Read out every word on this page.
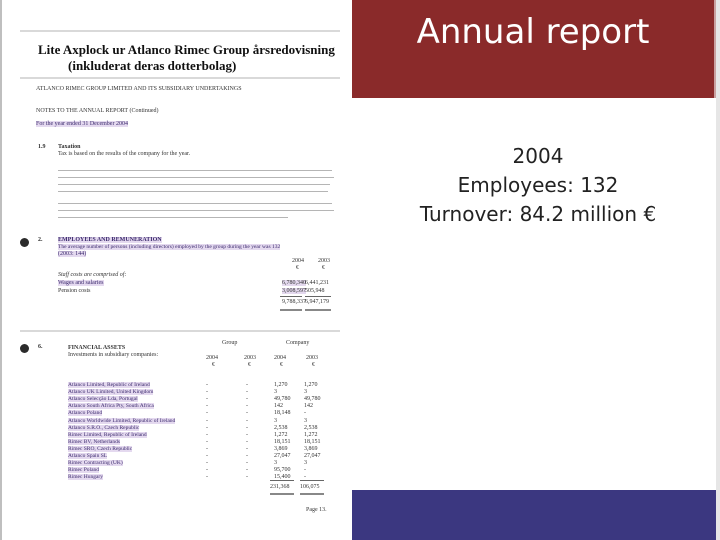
Lite Axplock ur Atlanco Rimec Group årsredovisning
(inkluderat deras dotterbolag)
ATLANCO RIMEC GROUP LIMITED AND ITS SUBSIDIARY UNDERTAKINGS
NOTES TO THE ANNUAL REPORT (Continued)
For the year ended 31 December 2004
1.9 Taxation
Tax is based on the results of the company for the year.
2.	EMPLOYEES AND REMUNERATION
The average number of persons (including directors) employed by the group during the year was 132
(2003: 144)
2004 2003
€	€
Staff costs are comprised of:
Wages and salaries	6,780,340 6,441,231
Pension costs	3,008,597 505,948
9,788,337 6,947,179
6.	FINANCIAL ASSETS
Investments in subsidiary companies:
Group	Company
2004	2003	2004	2003
€	€	€	€
Atlanco Limited, Republic of Ireland	-	-	1,270	1,270
Atlanco UK Limited, United Kingdom	-	-	3	3
Atlanco Selecção Lda, Portugal	-	-	49,780 49,780
Atlanco South Africa Pty, South Africa	-	-	142	142
Atlanco Poland	-	-	18,148 -
Atlanco Worldwide Limited, Republic of Ireland	-	-	3	3
Atlanco S.R.O., Czech Republic	-	-	2,538	2,538
Rimec Limited, Republic of Ireland	-	-	1,272	1,272
Rimec BV, Netherlands	-	-	18,151 18,151
Rimec SRO, Czech Republic	-	-	3,869	3,869
Atlanco Spain SL	-	-	27,047 27,047
Rimec Contracting (UK)	-	-	3	3
Rimec Poland	-	-	95,700 -
Rimec Hungary	-	-	15,400 -
231,368 106,075
Page 13.
Annual report
2004
Employees: 132
Turnover: 84.2 million €
